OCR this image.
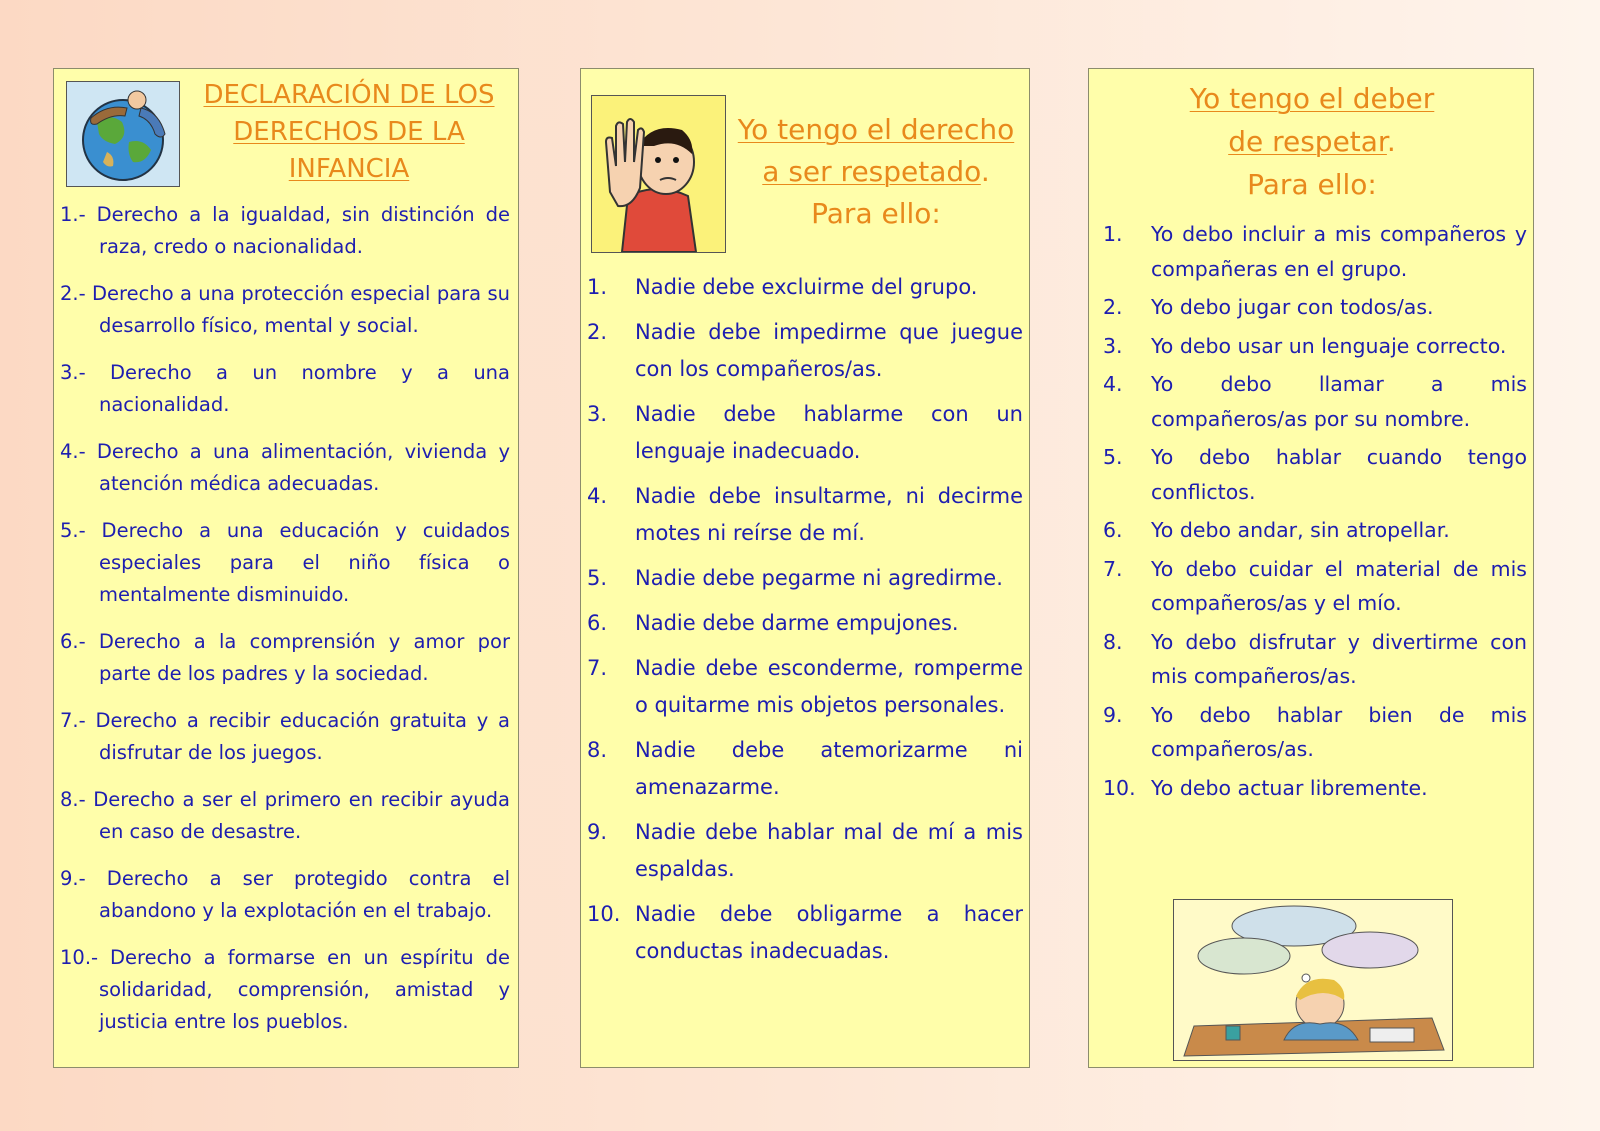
DECLARACIÓN DE LOS
DERECHOS DE LA
INFANCIA
1.- Derecho a la igualdad, sin distinción de raza, credo o nacionalidad.
2.- Derecho a una protección especial para su desarrollo físico, mental y social.
3.- Derecho a un nombre y a una nacionalidad.
4.- Derecho a una alimentación, vivienda y atención médica adecuadas.
5.- Derecho a una educación y cuidados especiales para el niño física o mentalmente disminuido.
6.- Derecho a la comprensión y amor por parte de los padres y la sociedad.
7.- Derecho a recibir educación gratuita y a disfrutar de los juegos.
8.- Derecho a ser el primero en recibir ayuda en caso de desastre.
9.- Derecho a ser protegido contra el abandono y la explotación en el trabajo.
10.- Derecho a formarse en un espíritu de solidaridad, comprensión, amistad y justicia entre los pueblos.
Yo tengo el derecho
a ser respetado.
Para ello:
1.	Nadie debe excluirme del grupo.
2.	Nadie debe impedirme que juegue con los compañeros/as.
3.	Nadie debe hablarme con un lenguaje inadecuado.
4.	Nadie debe insultarme, ni decirme motes ni reírse de mí.
5.	Nadie debe pegarme ni agredirme.
6.	Nadie debe darme empujones.
7.	Nadie debe esconderme, romperme o quitarme mis objetos personales.
8.	Nadie debe atemorizarme ni amenazarme.
9.	Nadie debe hablar mal de mí a mis espaldas.
10. Nadie debe obligarme a hacer conductas inadecuadas.
Yo tengo el deber
de respetar.
Para ello:
1.	Yo debo incluir a mis compañeros y compañeras en el grupo.
2.	Yo debo jugar con todos/as.
3.	Yo debo usar un lenguaje correcto.
4.	Yo debo llamar a mis compañeros/as por su nombre.
5.	Yo debo hablar cuando tengo conflictos.
6.	Yo debo andar, sin atropellar.
7.	Yo debo cuidar el material de mis compañeros/as y el mío.
8.	Yo debo disfrutar y divertirme con mis compañeros/as.
9.	Yo debo hablar bien de mis compañeros/as.
10. Yo debo actuar libremente.
